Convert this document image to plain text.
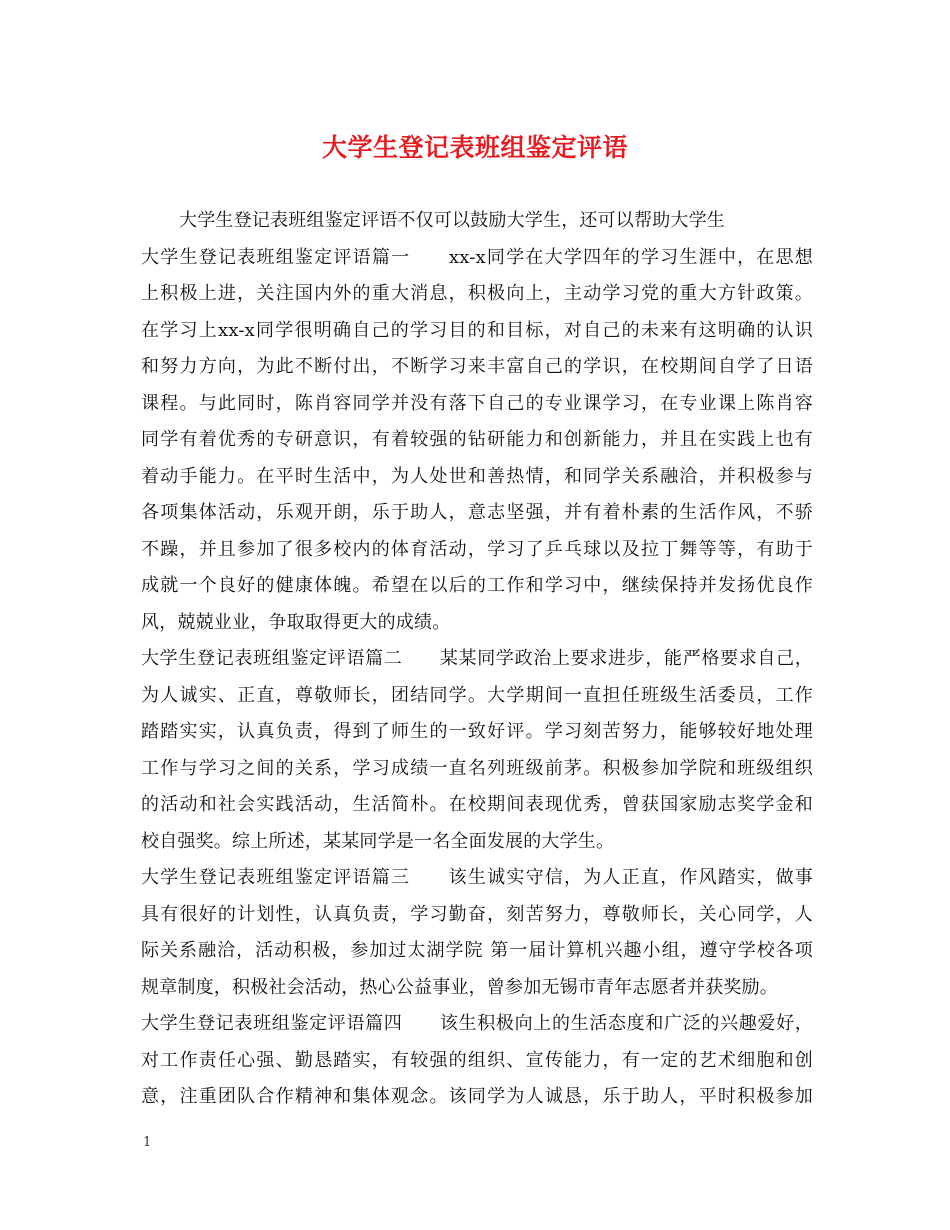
大学生登记表班组鉴定评语
大学生登记表班组鉴定评语不仅可以鼓励大学生，还可以帮助大学生
大学生登记表班组鉴定评语篇一　　xx-x同学在大学四年的学习生涯中，在思想
上积极上进，关注国内外的重大消息，积极向上，主动学习党的重大方针政策。
在学习上xx-x同学很明确自己的学习目的和目标，对自己的未来有这明确的认识
和努力方向，为此不断付出，不断学习来丰富自己的学识，在校期间自学了日语
课程。与此同时，陈肖容同学并没有落下自己的专业课学习，在专业课上陈肖容
同学有着优秀的专研意识，有着较强的钻研能力和创新能力，并且在实践上也有
着动手能力。在平时生活中，为人处世和善热情，和同学关系融洽，并积极参与
各项集体活动，乐观开朗，乐于助人，意志坚强，并有着朴素的生活作风，不骄
不躁，并且参加了很多校内的体育活动，学习了乒乓球以及拉丁舞等等，有助于
成就一个良好的健康体魄。希望在以后的工作和学习中，继续保持并发扬优良作
风，兢兢业业，争取取得更大的成绩。
大学生登记表班组鉴定评语篇二　　某某同学政治上要求进步，能严格要求自己，
为人诚实、正直，尊敬师长，团结同学。大学期间一直担任班级生活委员，工作
踏踏实实，认真负责，得到了师生的一致好评。学习刻苦努力，能够较好地处理
工作与学习之间的关系，学习成绩一直名列班级前茅。积极参加学院和班级组织
的活动和社会实践活动，生活简朴。在校期间表现优秀，曾获国家励志奖学金和
校自强奖。综上所述，某某同学是一名全面发展的大学生。
大学生登记表班组鉴定评语篇三　　该生诚实守信，为人正直，作风踏实，做事
具有很好的计划性，认真负责，学习勤奋，刻苦努力，尊敬师长，关心同学，人
际关系融洽，活动积极，参加过太湖学院 第一届计算机兴趣小组，遵守学校各项
规章制度，积极社会活动，热心公益事业，曾参加无锡市青年志愿者并获奖励。
大学生登记表班组鉴定评语篇四　　该生积极向上的生活态度和广泛的兴趣爱好，
对工作责任心强、勤恳踏实，有较强的组织、宣传能力，有一定的艺术细胞和创
意，注重团队合作精神和集体观念。该同学为人诚恳，乐于助人，平时积极参加
1
